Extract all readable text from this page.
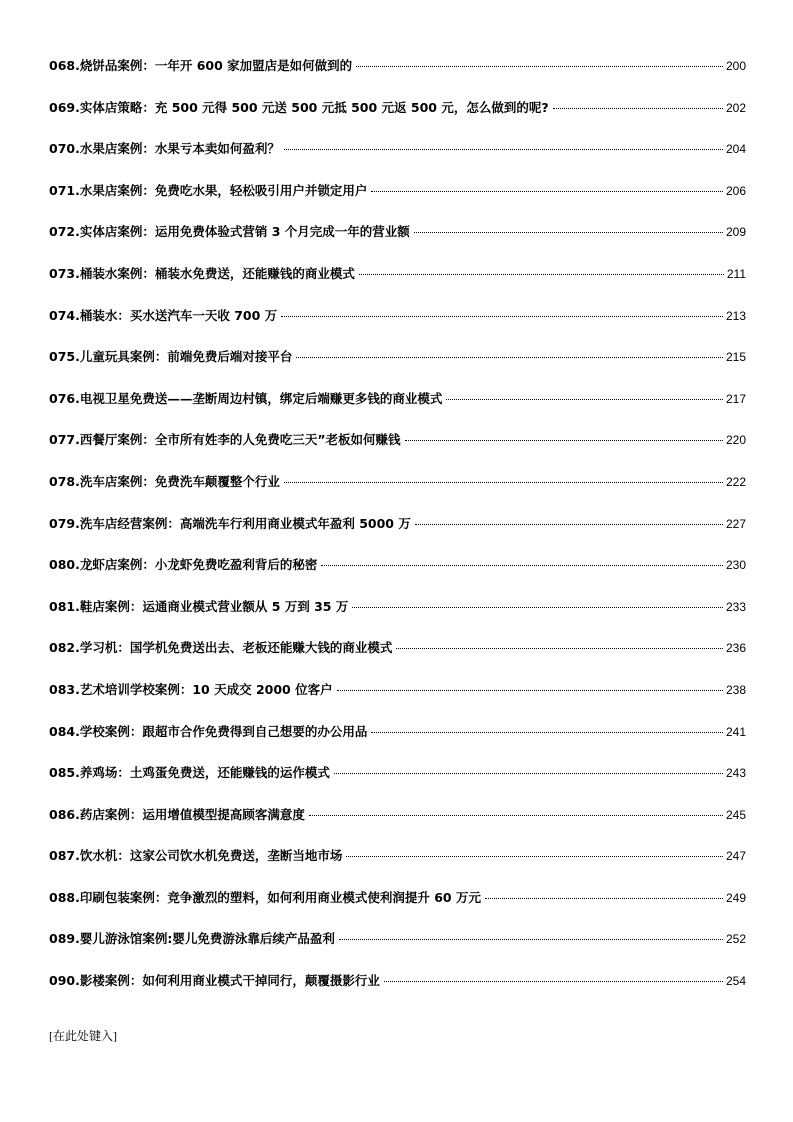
068.烧饼品案例：一年开 600 家加盟店是如何做到的	200
069.实体店策略：充 500 元得 500 元送 500 元抵 500 元返 500 元，怎么做到的呢?	202
070.水果店案例：水果亏本卖如何盈利？	204
071.水果店案例：免费吃水果，轻松吸引用户并锁定用户	206
072.实体店案例：运用免费体验式营销 3 个月完成一年的营业额	209
073.桶装水案例：桶装水免费送，还能赚钱的商业模式	211
074.桶装水：买水送汽车一天收 700 万	213
075.儿童玩具案例：前端免费后端对接平台	215
076.电视卫星免费送——垄断周边村镇，绑定后端赚更多钱的商业模式	217
077.西餐厅案例：全市所有姓李的人免费吃三天”老板如何赚钱	220
078.洗车店案例：免费洗车颠覆整个行业	222
079.洗车店经营案例：高端洗车行利用商业模式年盈利 5000 万	227
080.龙虾店案例：小龙虾免费吃盈利背后的秘密	230
081.鞋店案例：运通商业模式营业额从 5 万到 35 万	233
082.学习机：国学机免费送出去、老板还能赚大钱的商业模式	236
083.艺术培训学校案例：10 天成交 2000 位客户	238
084.学校案例：跟超市合作免费得到自己想要的办公用品	241
085.养鸡场：土鸡蛋免费送，还能赚钱的运作模式	243
086.药店案例：运用增值模型提高顾客满意度	245
087.饮水机：这家公司饮水机免费送，垄断当地市场	247
088.印刷包装案例：竞争激烈的塑料，如何利用商业模式使利润提升 60 万元	249
089.婴儿游泳馆案例:婴儿免费游泳靠后续产品盈利	252
090.影楼案例：如何利用商业模式干掉同行，颠覆摄影行业	254
[在此处键入]
